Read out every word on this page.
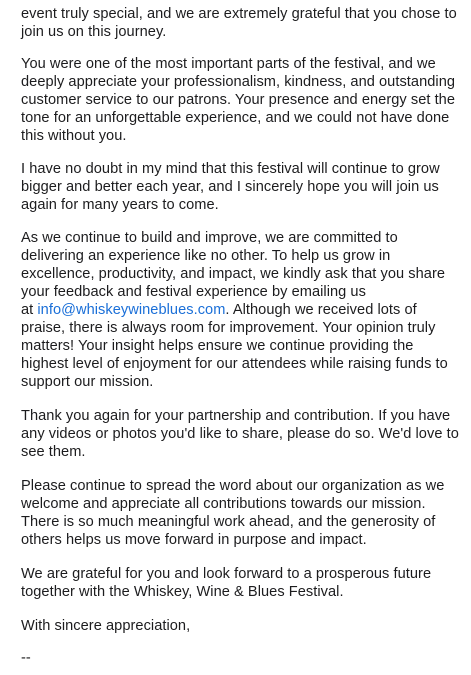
event truly special, and we are extremely grateful that you chose to
join us on this journey.
You were one of the most important parts of the festival, and we
deeply appreciate your professionalism, kindness, and outstanding
customer service to our patrons. Your presence and energy set the
tone for an unforgettable experience, and we could not have done
this without you.
I have no doubt in my mind that this festival will continue to grow
bigger and better each year, and I sincerely hope you will join us
again for many years to come.
As we continue to build and improve, we are committed to
delivering an experience like no other. To help us grow in
excellence, productivity, and impact, we kindly ask that you share
your feedback and festival experience by emailing us
at info@whiskeywineblues.com. Although we received lots of
praise, there is always room for improvement. Your opinion truly
matters! Your insight helps ensure we continue providing the
highest level of enjoyment for our attendees while raising funds to
support our mission.
Thank you again for your partnership and contribution. If you have
any videos or photos you'd like to share, please do so. We'd love to
see them.
Please continue to spread the word about our organization as we
welcome and appreciate all contributions towards our mission.
There is so much meaningful work ahead, and the generosity of
others helps us move forward in purpose and impact.
We are grateful for you and look forward to a prosperous future
together with the Whiskey, Wine & Blues Festival.
With sincere appreciation,
--
